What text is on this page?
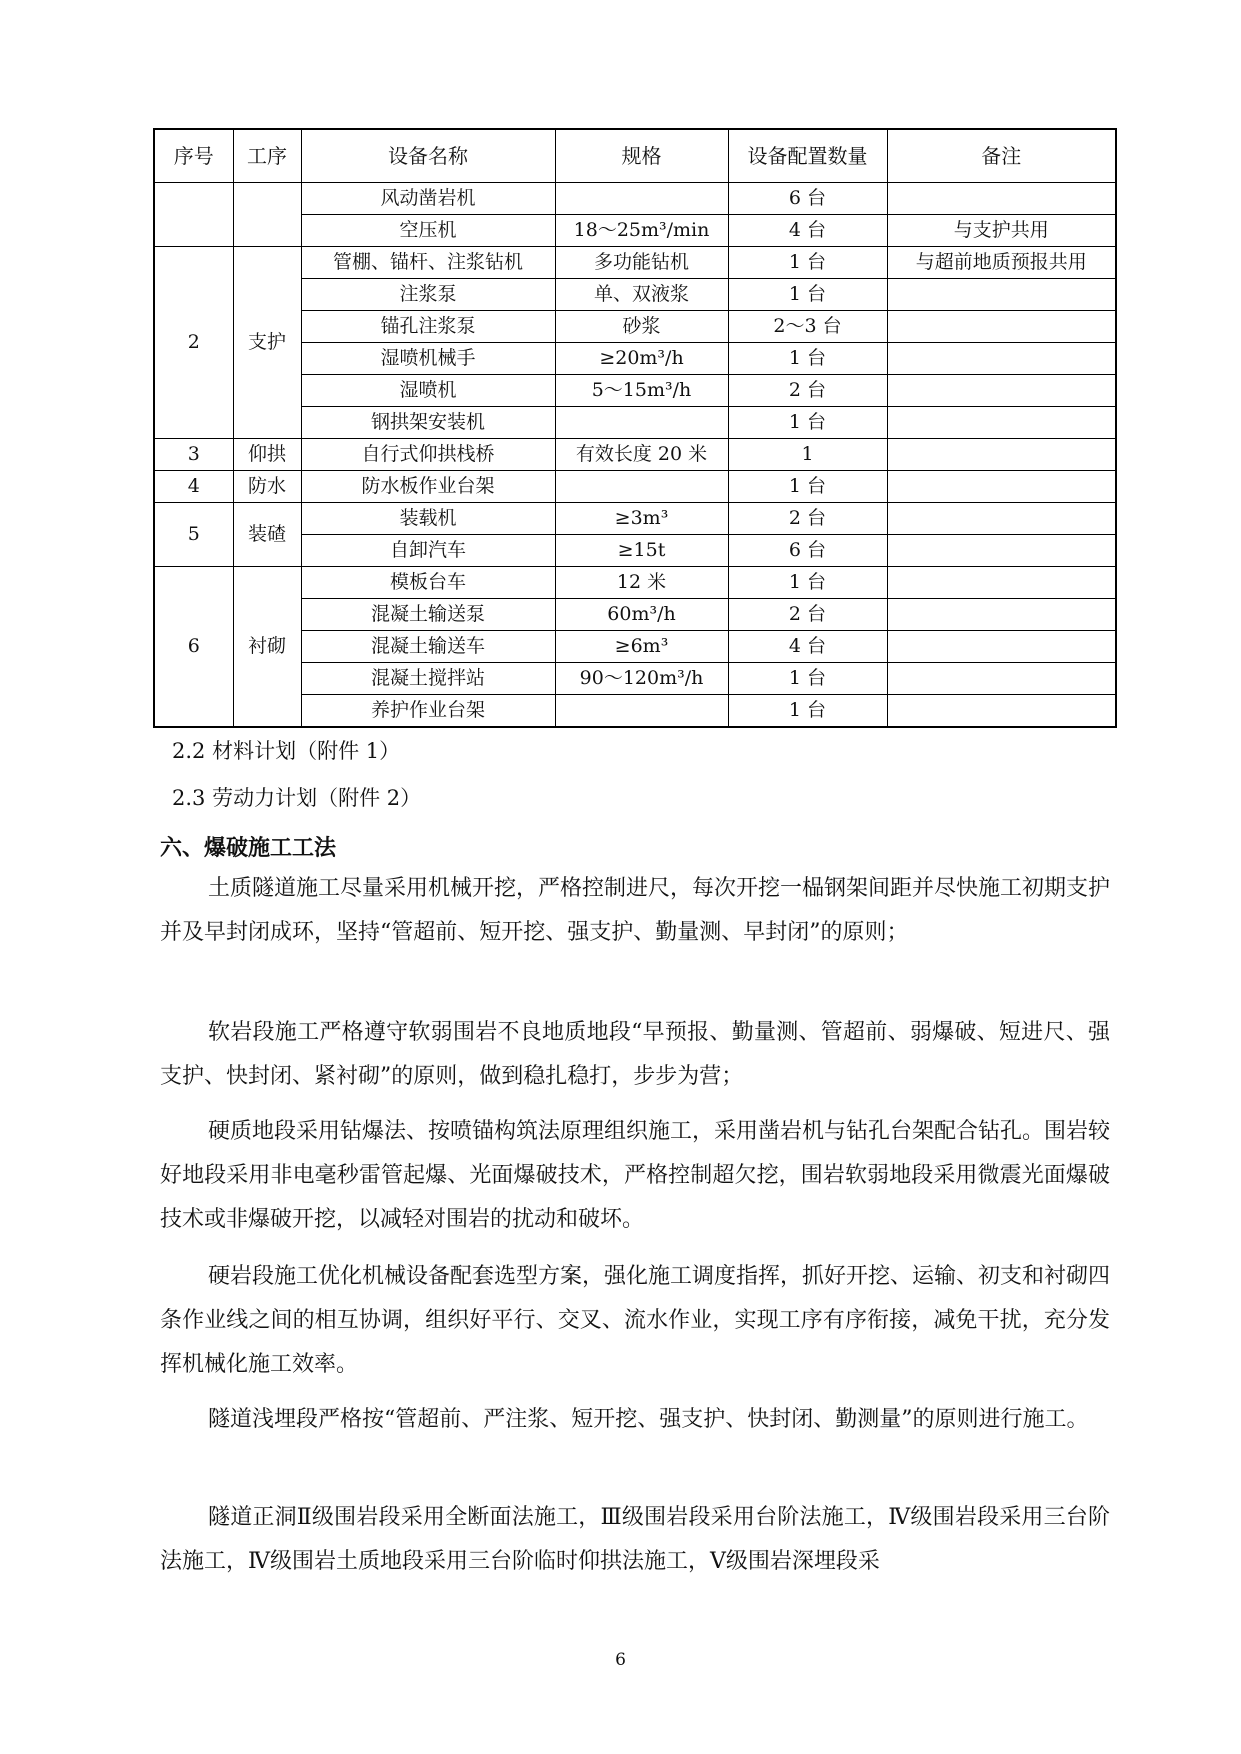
序号	工序	设备名称	规格	设备配置数量	备注
		风动凿岩机		6 台	
		空压机	18～25m³/min	4 台	与支护共用
2	支护	管棚、锚杆、注浆钻机	多功能钻机	1 台	与超前地质预报共用
		注浆泵	单、双液浆	1 台	
		锚孔注浆泵	砂浆	2～3 台	
		湿喷机械手	≥20m³/h	1 台	
		湿喷机	5～15m³/h	2 台	
		钢拱架安装机		1 台	
3	仰拱	自行式仰拱栈桥	有效长度 20 米	1	
4	防水	防水板作业台架		1 台	
5	装碴	装载机	≥3m³	2 台	
		自卸汽车	≥15t	6 台	
6	衬砌	模板台车	12 米	1 台	
		混凝土输送泵	60m³/h	2 台	
		混凝土输送车	≥6m³	4 台	
		混凝土搅拌站	90～120m³/h	1 台	
		养护作业台架		1 台	
2.2 材料计划（附件 1）
2.3 劳动力计划（附件 2）
六、爆破施工工法

土质隧道施工尽量采用机械开挖，严格控制进尺，每次开挖一榀钢架间距并尽快施工初期支护并及早封闭成环，坚持“管超前、短开挖、强支护、勤量测、早封闭”的原则；

软岩段施工严格遵守软弱围岩不良地质地段“早预报、勤量测、管超前、弱爆破、短进尺、强支护、快封闭、紧衬砌”的原则，做到稳扎稳打，步步为营；

硬质地段采用钻爆法、按喷锚构筑法原理组织施工，采用凿岩机与钻孔台架配合钻孔。围岩较好地段采用非电毫秒雷管起爆、光面爆破技术，严格控制超欠挖，围岩软弱地段采用微震光面爆破技术或非爆破开挖，以减轻对围岩的扰动和破坏。

硬岩段施工优化机械设备配套选型方案，强化施工调度指挥，抓好开挖、运输、初支和衬砌四条作业线之间的相互协调，组织好平行、交叉、流水作业，实现工序有序衔接，减免干扰，充分发挥机械化施工效率。

隧道浅埋段严格按“管超前、严注浆、短开挖、强支护、快封闭、勤测量”的原则进行施工。

隧道正洞Ⅱ级围岩段采用全断面法施工，Ⅲ级围岩段采用台阶法施工，Ⅳ级围岩段采用三台阶法施工，Ⅳ级围岩土质地段采用三台阶临时仰拱法施工，Ⅴ级围岩深埋段采

6
